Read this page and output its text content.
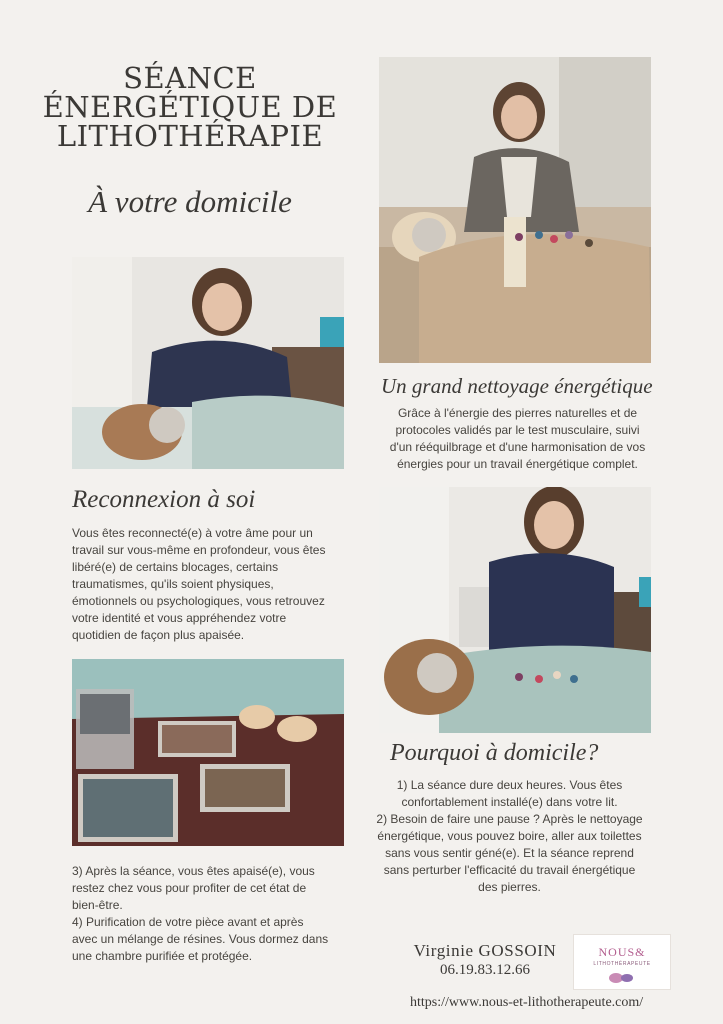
SÉANCE
ÉNERGÉTIQUE DE
LITHOTHÉRAPIE
À votre domicile
Un grand nettoyage énergétique
Grâce à l'énergie des pierres naturelles et de
protocoles validés par le test musculaire, suivi
d'un rééquilbrage et d'une harmonisation de vos
énergies pour un travail énergétique complet.
Reconnexion à soi
Vous êtes reconnecté(e) à votre âme pour un
travail sur vous-même en profondeur, vous êtes
libéré(e) de certains blocages, certains
traumatismes, qu'ils soient physiques,
émotionnels ou psychologiques, vous retrouvez
votre identité et vous appréhendez votre
quotidien de façon plus apaisée.
Pourquoi à domicile?
1) La séance dure deux heures. Vous êtes
confortablement installé(e) dans votre lit.
2) Besoin de faire une pause ? Après le nettoyage
énergétique, vous pouvez boire, aller aux toilettes
sans vous sentir géné(e). Et la séance reprend
sans perturber l'efficacité du travail énergétique
des pierres.
3) Après la séance, vous êtes apaisé(e), vous
restez chez vous pour profiter de cet état de
bien-être.
4) Purification de votre pièce avant et après
avec un mélange de résines. Vous dormez dans
une chambre purifiée et protégée.	Virginie GOSSOIN
06.19.83.12.66
https://www.nous-et-lithotherapeute.com/
NOUS&
LITHOTHÉRAPEUTE
